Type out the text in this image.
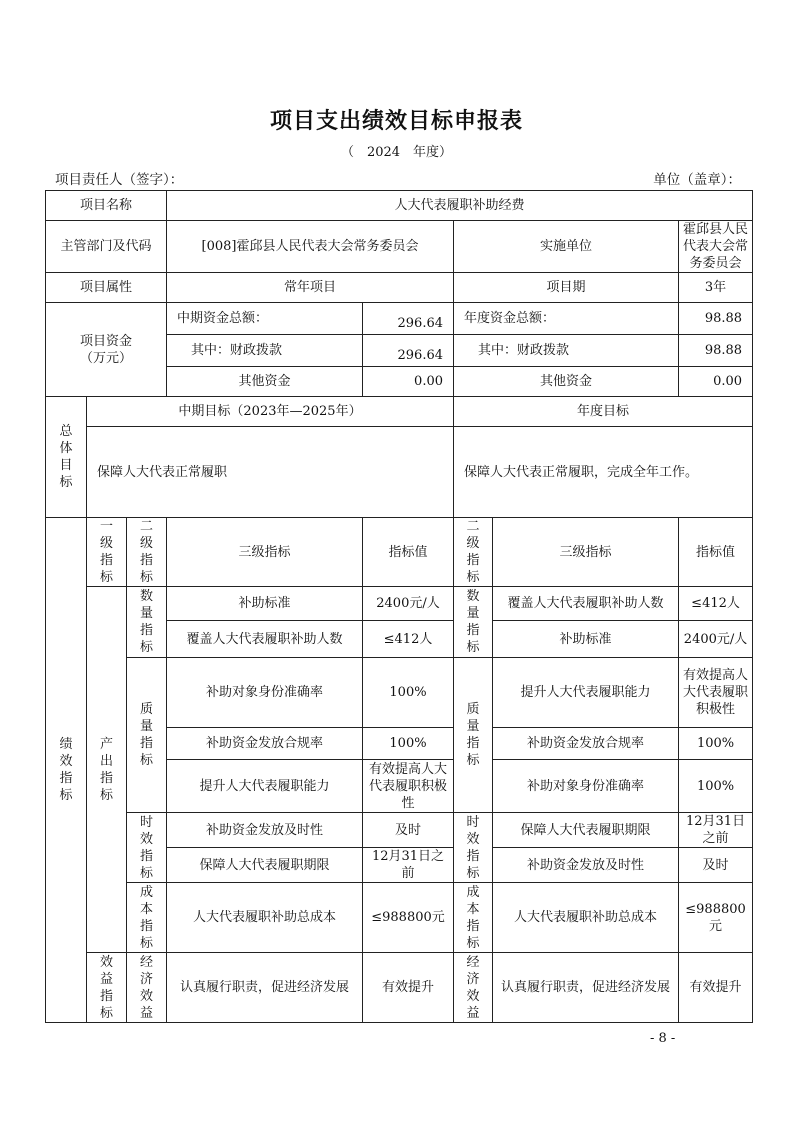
项目支出绩效目标申报表
（　2024　年度）
项目责任人（签字）：	单位（盖章）：
项目名称			人大代表履职补助经费				
主管部门及代码			[008]霍邱县人民代表大会常务委员会		实施单位		霍邱县人民代表大会常务委员会
项目属性			常年项目		项目期		3年
项目资金（万元）			中期资金总额：	296.64	年度资金总额：		98.88
			其中：财政拨款	296.64	其中：财政拨款		98.88
			其他资金	0.00	其他资金		0.00
总体目标	中期目标（2023年—2025年）				年度目标		
	保障人大代表正常履职				保障人大代表正常履职，完成全年工作。		
绩效指标	一级指标	二级指标	三级指标	指标值	二级指标	三级指标	指标值
	产出指标	数量指标	补助标准	2400元/人	数量指标	覆盖人大代表履职补助人数	≤412人
			覆盖人大代表履职补助人数	≤412人		补助标准	2400元/人
		质量指标	补助对象身份准确率	100%	质量指标	提升人大代表履职能力	有效提高人大代表履职积极性
			补助资金发放合规率	100%		补助资金发放合规率	100%
			提升人大代表履职能力	有效提高人大代表履职积极性		补助对象身份准确率	100%
		时效指标	补助资金发放及时性	及时	时效指标	保障人大代表履职期限	12月31日之前
			保障人大代表履职期限	12月31日之前		补助资金发放及时性	及时
		成本指标	人大代表履职补助总成本	≤988800元	成本指标	人大代表履职补助总成本	≤988800元
	效益指标	经济效益	认真履行职责，促进经济发展	有效提升	经济效益	认真履行职责，促进经济发展	有效提升
- 8 -
